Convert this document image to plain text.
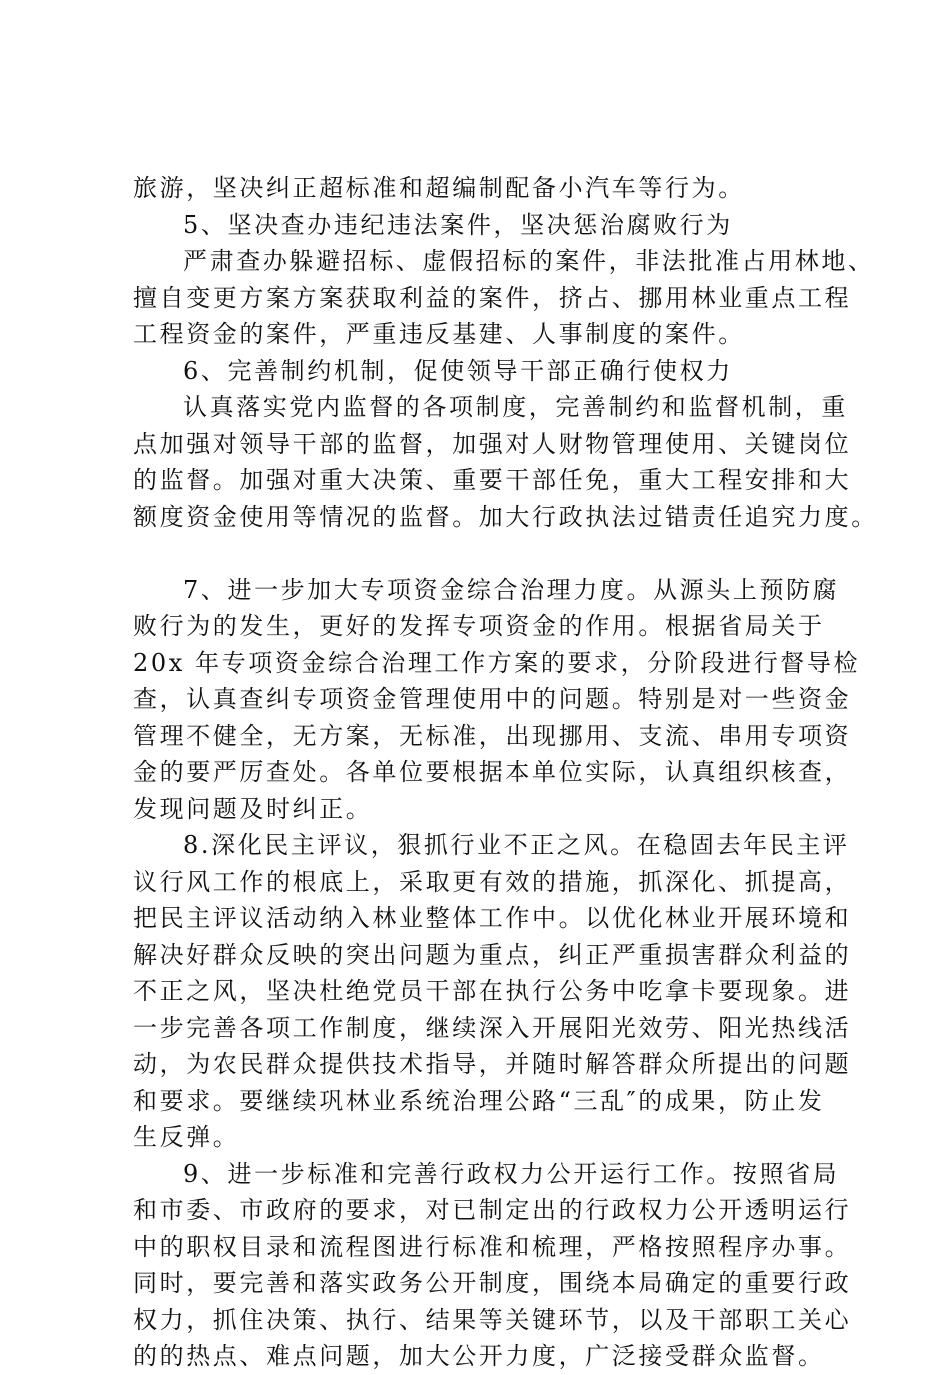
旅游，坚决纠正超标准和超编制配备小汽车等行为。
5、坚决查办违纪违法案件，坚决惩治腐败行为
严肃查办躲避招标、虚假招标的案件，非法批准占用林地、
擅自变更方案方案获取利益的案件，挤占、挪用林业重点工程
工程资金的案件，严重违反基建、人事制度的案件。
6、完善制约机制，促使领导干部正确行使权力
认真落实党内监督的各项制度，完善制约和监督机制，重
点加强对领导干部的监督，加强对人财物管理使用、关键岗位
的监督。加强对重大决策、重要干部任免，重大工程安排和大
额度资金使用等情况的监督。加大行政执法过错责任追究力度。
7、进一步加大专项资金综合治理力度。从源头上预防腐
败行为的发生，更好的发挥专项资金的作用。根据省局关于
20x 年专项资金综合治理工作方案的要求，分阶段进行督导检
查，认真查纠专项资金管理使用中的问题。特别是对一些资金
管理不健全，无方案，无标准，出现挪用、支流、串用专项资
金的要严厉查处。各单位要根据本单位实际，认真组织核查，
发现问题及时纠正。
8.深化民主评议，狠抓行业不正之风。在稳固去年民主评
议行风工作的根底上，采取更有效的措施，抓深化、抓提高，
把民主评议活动纳入林业整体工作中。以优化林业开展环境和
解决好群众反映的突出问题为重点，纠正严重损害群众利益的
不正之风，坚决杜绝党员干部在执行公务中吃拿卡要现象。进
一步完善各项工作制度，继续深入开展阳光效劳、阳光热线活
动，为农民群众提供技术指导，并随时解答群众所提出的问题
和要求。要继续巩林业系统治理公路“三乱″的成果，防止发
生反弹。
9、进一步标准和完善行政权力公开运行工作。按照省局
和市委、市政府的要求，对已制定出的行政权力公开透明运行
中的职权目录和流程图进行标准和梳理，严格按照程序办事。
同时，要完善和落实政务公开制度，围绕本局确定的重要行政
权力，抓住决策、执行、结果等关键环节，以及干部职工关心
的的热点、难点问题，加大公开力度，广泛接受群众监督。
